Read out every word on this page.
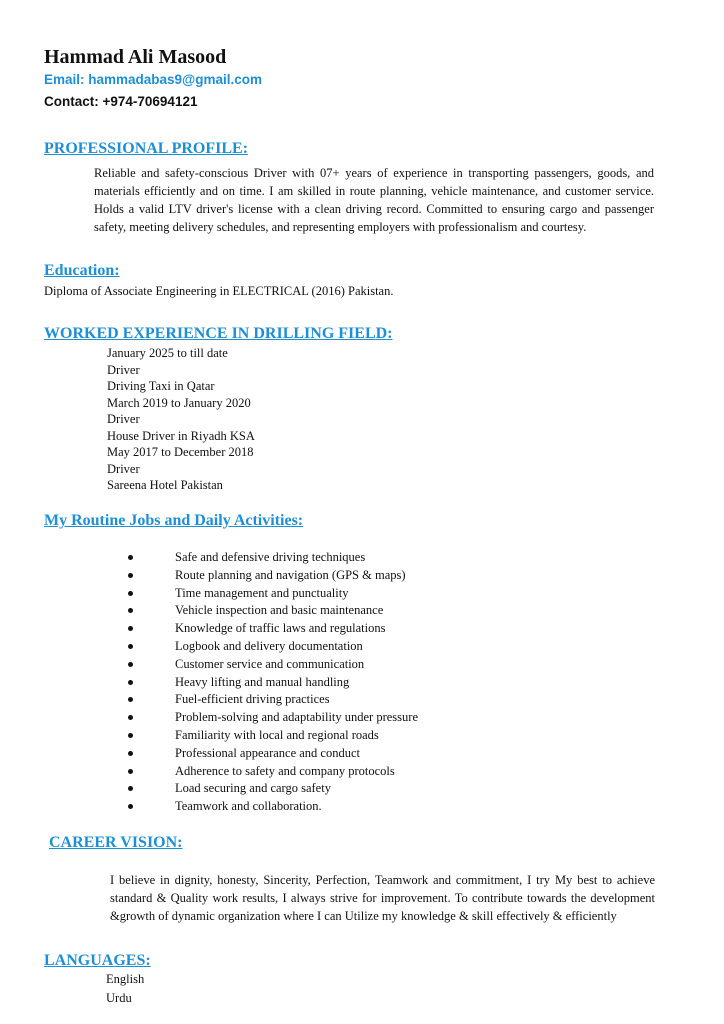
Hammad Ali Masood
Email: hammadabas9@gmail.com
Contact: +974-70694121
PROFESSIONAL PROFILE:
Reliable and safety-conscious Driver with 07+ years of experience in transporting passengers, goods, and materials efficiently and on time. I am skilled in route planning, vehicle maintenance, and customer service. Holds a valid LTV driver's license with a clean driving record. Committed to ensuring cargo and passenger safety, meeting delivery schedules, and representing employers with professionalism and courtesy.
Education:
Diploma of Associate Engineering in ELECTRICAL (2016) Pakistan.
WORKED EXPERIENCE IN DRILLING FIELD:
January 2025 to till date
Driver
Driving Taxi in Qatar
March 2019 to January 2020
Driver
House Driver in Riyadh KSA
May 2017 to December 2018
Driver
Sareena Hotel Pakistan
My Routine Jobs and Daily Activities:
Safe and defensive driving techniques
Route planning and navigation (GPS & maps)
Time management and punctuality
Vehicle inspection and basic maintenance
Knowledge of traffic laws and regulations
Logbook and delivery documentation
Customer service and communication
Heavy lifting and manual handling
Fuel-efficient driving practices
Problem-solving and adaptability under pressure
Familiarity with local and regional roads
Professional appearance and conduct
Adherence to safety and company protocols
Load securing and cargo safety
Teamwork and collaboration.
CAREER VISION:
I believe in dignity, honesty, Sincerity, Perfection, Teamwork and commitment, I try My best to achieve standard & Quality work results, I always strive for improvement. To contribute towards the development &growth of dynamic organization where I can Utilize my knowledge & skill effectively & efficiently
LANGUAGES:
English
Urdu
